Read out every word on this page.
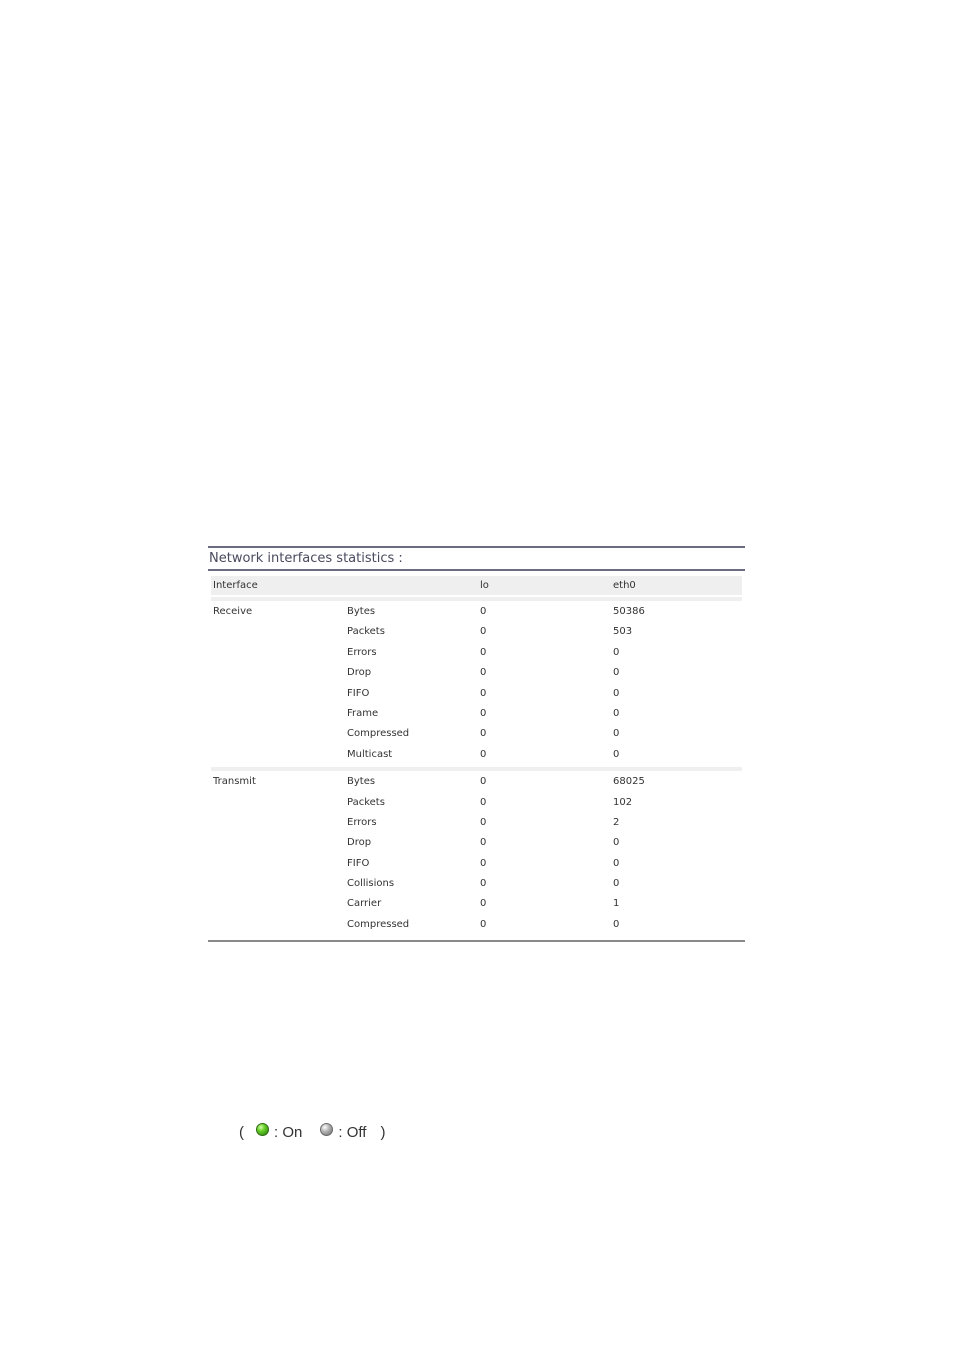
Network interfaces statistics :
Interface	lo	eth0
Receive	Bytes	0	50386
Packets	0	503
Errors	0	0
Drop	0	0
FIFO	0	0
Frame	0	0
Compressed	0	0
Multicast	0	0
Transmit	Bytes	0	68025
Packets	0	102
Errors	0	2
Drop	0	0
FIFO	0	0
Collisions	0	0
Carrier	0	1
Compressed	0	0
( : On : Off )
